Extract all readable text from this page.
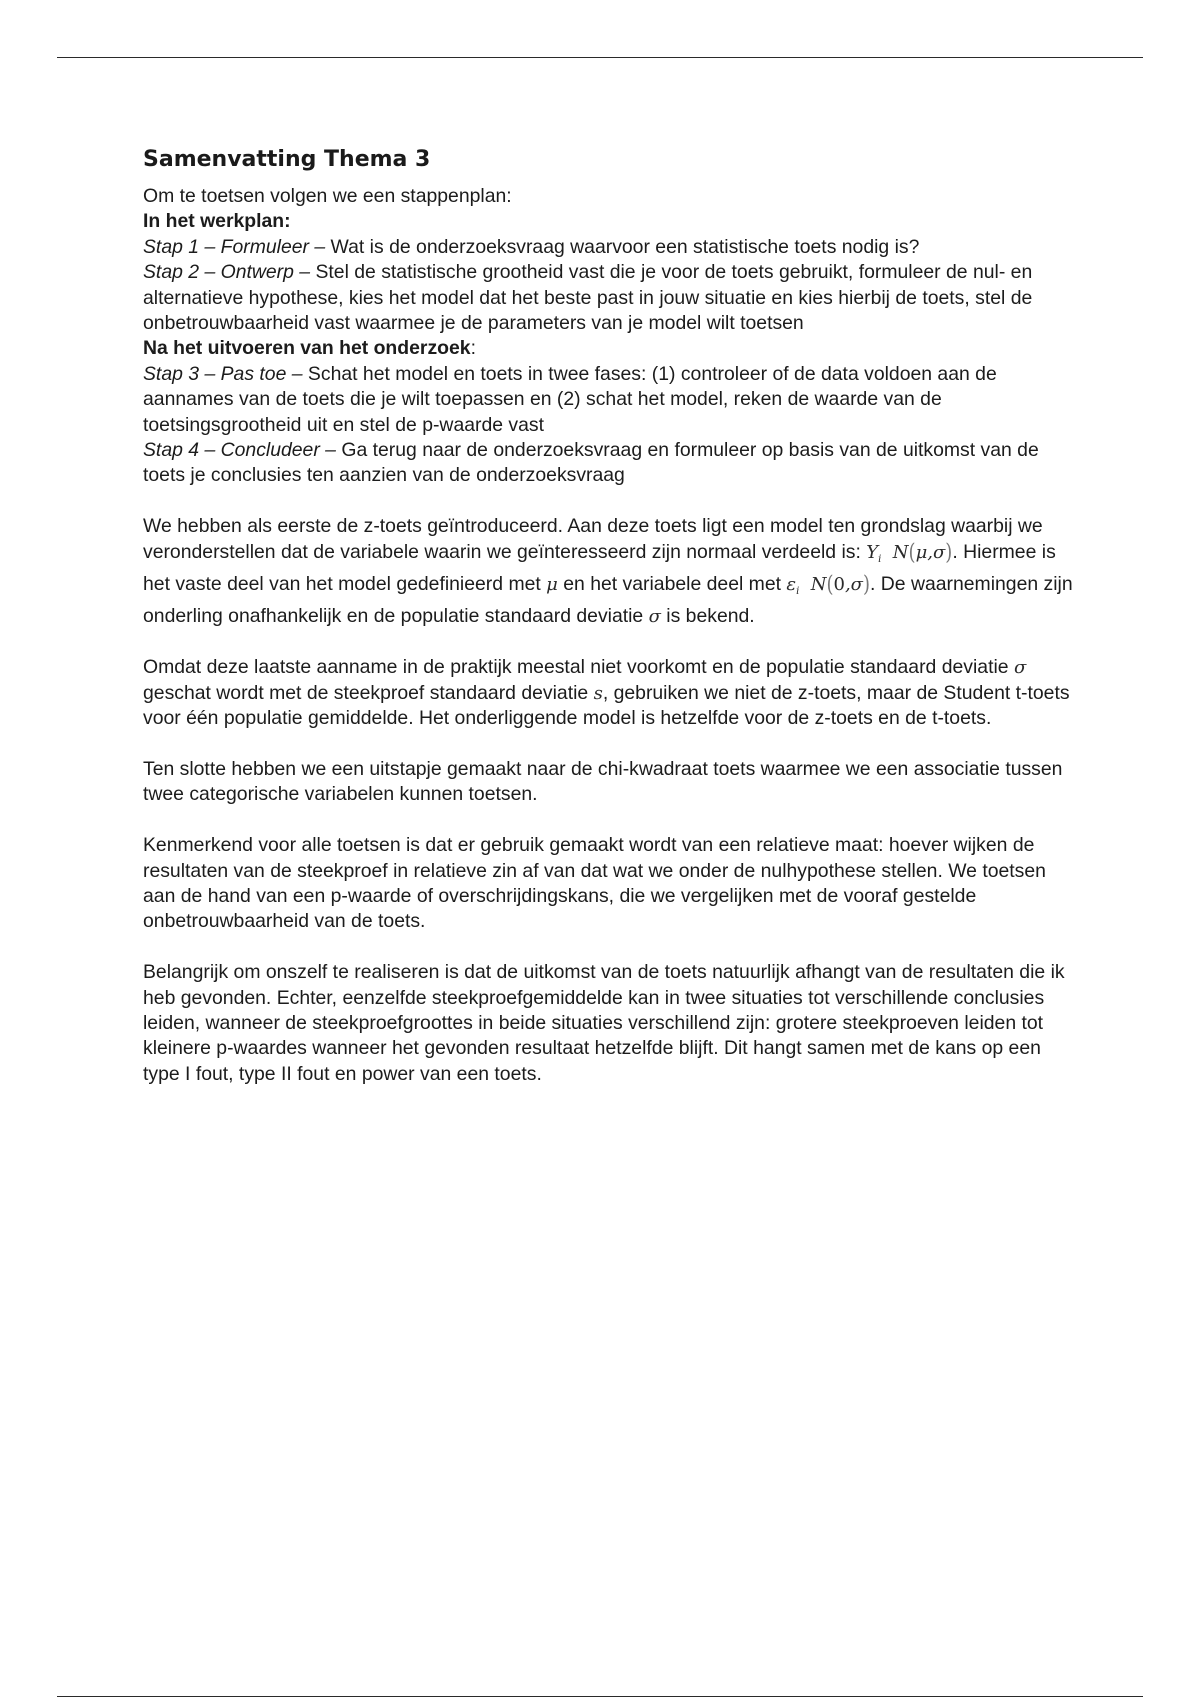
Samenvatting Thema 3

Om te toetsen volgen we een stappenplan:

In het werkplan:

Stap 1 – Formuleer – Wat is de onderzoeksvraag waarvoor een statistische toets nodig is?

Stap 2 – Ontwerp – Stel de statistische grootheid vast die je voor de toets gebruikt, formuleer de nul- en alternatieve hypothese, kies het model dat het beste past in jouw situatie en kies hierbij de toets, stel de onbetrouwbaarheid vast waarmee je de parameters van je model wilt toetsen

Na het uitvoeren van het onderzoek:

Stap 3 – Pas toe – Schat het model en toets in twee fases: (1) controleer of de data voldoen aan de aannames van de toets die je wilt toepassen en (2) schat het model, reken de waarde van de toetsingsgrootheid uit en stel de p-waarde vast

Stap 4 – Concludeer – Ga terug naar de onderzoeksvraag en formuleer op basis van de uitkomst van de toets je conclusies ten aanzien van de onderzoeksvraag

We hebben als eerste de z-toets geïntroduceerd. Aan deze toets ligt een model ten grondslag waarbij we veronderstellen dat de variabele waarin we geïnteresseerd zijn normaal verdeeld is: $Y_i$ N(μ,σ). Hiermee is het vaste deel van het model gedefinieerd met μ en het variabele deel met $\varepsilon_i$ N(0,σ). De waarnemingen zijn onderling onafhankelijk en de populatie standaard deviatie σ is bekend.

Omdat deze laatste aanname in de praktijk meestal niet voorkomt en de populatie standaard deviatie σ geschat wordt met de steekproef standaard deviatie s, gebruiken we niet de z-toets, maar de Student t-toets voor één populatie gemiddelde. Het onderliggende model is hetzelfde voor de z-toets en de t-toets.

Ten slotte hebben we een uitstapje gemaakt naar de chi-kwadraat toets waarmee we een associatie tussen twee categorische variabelen kunnen toetsen.

Kenmerkend voor alle toetsen is dat er gebruik gemaakt wordt van een relatieve maat: hoever wijken de resultaten van de steekproef in relatieve zin af van dat wat we onder de nulhypothese stellen. We toetsen aan de hand van een p-waarde of overschrijdingskans, die we vergelijken met de vooraf gestelde onbetrouwbaarheid van de toets.

Belangrijk om onszelf te realiseren is dat de uitkomst van de toets natuurlijk afhangt van de resultaten die ik heb gevonden. Echter, eenzelfde steekproefgemiddelde kan in twee situaties tot verschillende conclusies leiden, wanneer de steekproefgroottes in beide situaties verschillend zijn: grotere steekproeven leiden tot kleinere p-waardes wanneer het gevonden resultaat hetzelfde blijft. Dit hangt samen met de kans op een type I fout, type II fout en power van een toets.
